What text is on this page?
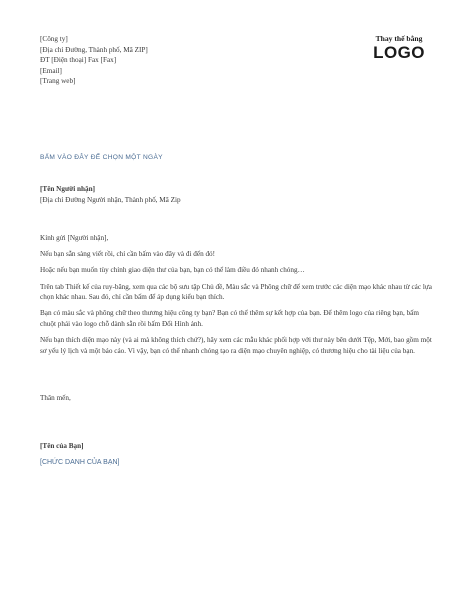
[Công ty]
[Địa chỉ Đường, Thành phố, Mã ZIP]
ĐT [Điện thoại] Fax [Fax]
[Email]
[Trang web]
Thay thế bằng
LOGO
BẤM VÀO ĐÂY ĐỂ CHỌN MỘT NGÀY
[Tên Người nhận]
[Địa chỉ Đường Người nhận, Thành phố, Mã Zip

Kính gửi [Người nhận],

Nếu bạn sẵn sàng viết rồi, chỉ cần bấm vào đây và đi đến đó!

Hoặc nếu bạn muốn tùy chỉnh giao diện thư của bạn, bạn có thể làm điều đó nhanh chóng…

Trên tab Thiết kế của ruy-băng, xem qua các bộ sưu tập Chủ đề, Màu sắc và Phông chữ để xem trước các diện mạo khác nhau từ các lựa chọn khác nhau. Sau đó, chỉ cần bấm để áp dụng kiểu bạn thích.

Bạn có màu sắc và phông chữ theo thương hiệu công ty bạn? Bạn có thể thêm sự kết hợp của bạn. Để thêm logo của riêng bạn, bấm chuột phải vào logo chỗ dành sẵn rồi bấm Đổi Hình ảnh.

Nếu bạn thích diện mạo này (và ai mà không thích chứ?), hãy xem các mẫu khác phối hợp với thư này bên dưới Tệp, Mới, bao gồm một sơ yếu lý lịch và một báo cáo. Vì vậy, bạn có thể nhanh chóng tạo ra diện mạo chuyên nghiệp, có thương hiệu cho tài liệu của bạn.

Thân mến,
[Tên của Bạn]
[CHỨC DANH CỦA BẠN]
